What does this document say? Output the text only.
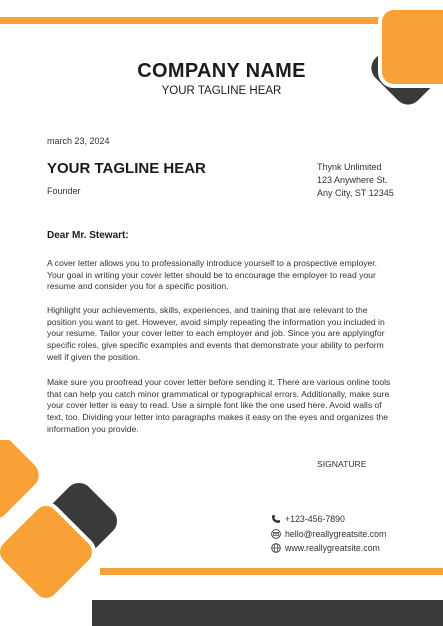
COMPANY NAME
YOUR TAGLINE HEAR
march 23, 2024
YOUR TAGLINE HEAR
Founder
Thynk Unlimited
123 Anywhere St.
Any City, ST 12345
Dear Mr. Stewart:
A cover letter allows you to professionally introduce yourself to a prospective employer. Your goal in writing your cover letter should be to encourage the employer to read your resume and consider you for a specific position.
Highlight your achievements, skills, experiences, and training that are relevant to the position you want to get. However, avoid simply repeating the information you included in your resume. Tailor your cover letter to each employer and job. Since you are applyingfor specific roles, give specific examples and events that demonstrate your ability to perform well if given the position.
Make sure you proofread your cover letter before sending it. There are various online tools that can help you catch minor grammatical or typographical errors. Additionally, make sure your cover letter is easy to read. Use a simple font like the one used here. Avoid walls of text, too. Dividing your letter into paragraphs makes it easy on the eyes and organizes the information you provide.
SIGNATURE
+123-456-7890
hello@reallygreatsite.com
www.reallygreatsite.com
